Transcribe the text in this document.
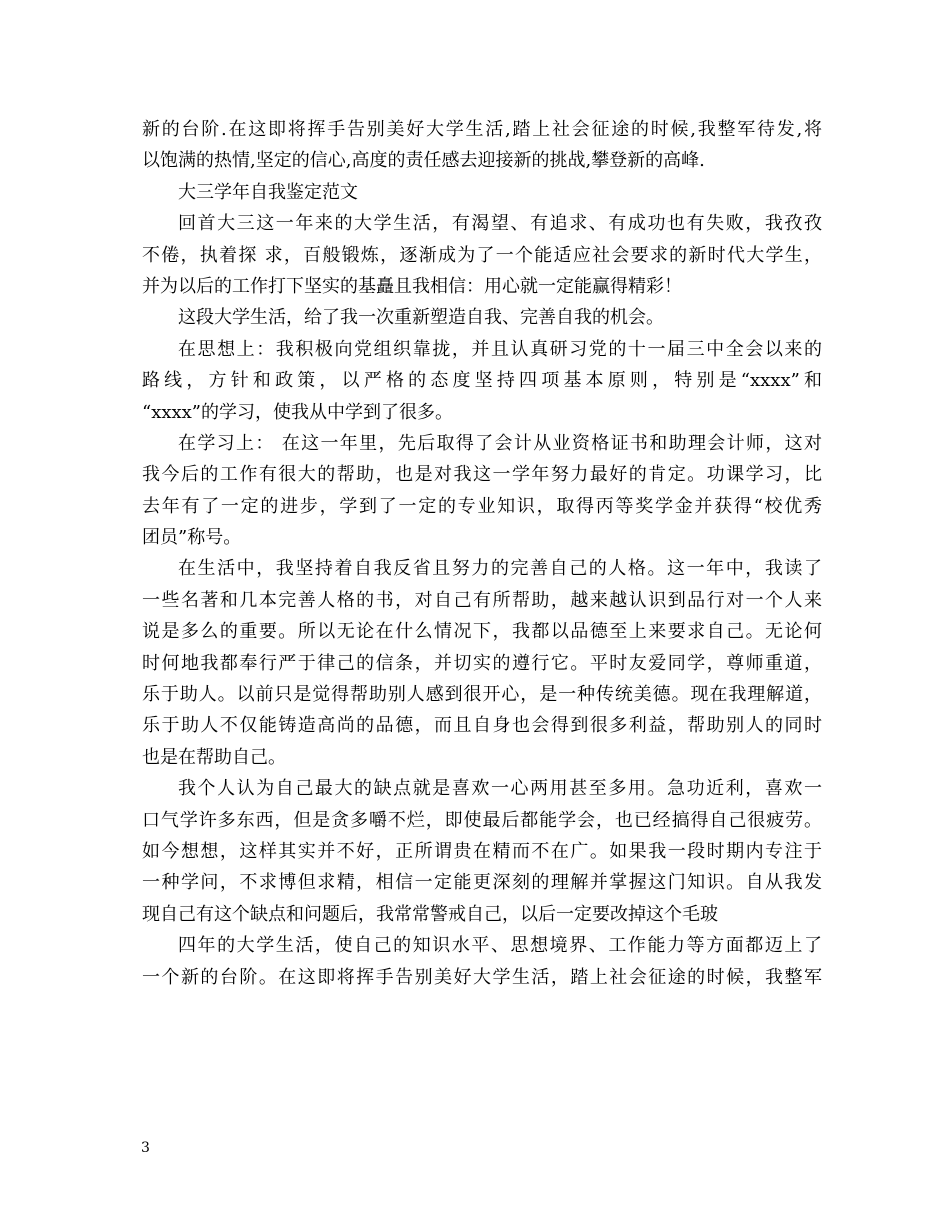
新的台阶.在这即将挥手告别美好大学生活,踏上社会征途的时候,我整军待发,将
以饱满的热情,坚定的信心,高度的责任感去迎接新的挑战,攀登新的高峰.
大三学年自我鉴定范文
回首大三这一年来的大学生活，有渴望、有追求、有成功也有失败，我孜孜
不倦，执着探 求，百般锻炼，逐渐成为了一个能适应社会要求的新时代大学生，
并为以后的工作打下坚实的基矗且我相信：用心就一定能赢得精彩！
这段大学生活，给了我一次重新塑造自我、完善自我的机会。
在思想上：我积极向党组织靠拢，并且认真研习党的十一届三中全会以来的
路线，方针和政策，以严格的态度坚持四项基本原则，特别是“xxxx”和
“xxxx”的学习，使我从中学到了很多。
在学习上： 在这一年里，先后取得了会计从业资格证书和助理会计师，这对
我今后的工作有很大的帮助，也是对我这一学年努力最好的肯定。功课学习，比
去年有了一定的进步，学到了一定的专业知识，取得丙等奖学金并获得“校优秀
团员”称号。
在生活中，我坚持着自我反省且努力的完善自己的人格。这一年中，我读了
一些名著和几本完善人格的书，对自己有所帮助，越来越认识到品行对一个人来
说是多么的重要。所以无论在什么情况下，我都以品德至上来要求自己。无论何
时何地我都奉行严于律己的信条，并切实的遵行它。平时友爱同学，尊师重道，
乐于助人。以前只是觉得帮助别人感到很开心，是一种传统美德。现在我理解道，
乐于助人不仅能铸造高尚的品德，而且自身也会得到很多利益，帮助别人的同时
也是在帮助自己。
我个人认为自己最大的缺点就是喜欢一心两用甚至多用。急功近利，喜欢一
口气学许多东西，但是贪多嚼不烂，即使最后都能学会，也已经搞得自己很疲劳。
如今想想，这样其实并不好，正所谓贵在精而不在广。如果我一段时期内专注于
一种学问，不求博但求精，相信一定能更深刻的理解并掌握这门知识。自从我发
现自己有这个缺点和问题后，我常常警戒自己，以后一定要改掉这个毛玻
四年的大学生活，使自己的知识水平、思想境界、工作能力等方面都迈上了
一个新的台阶。在这即将挥手告别美好大学生活，踏上社会征途的时候，我整军
3
